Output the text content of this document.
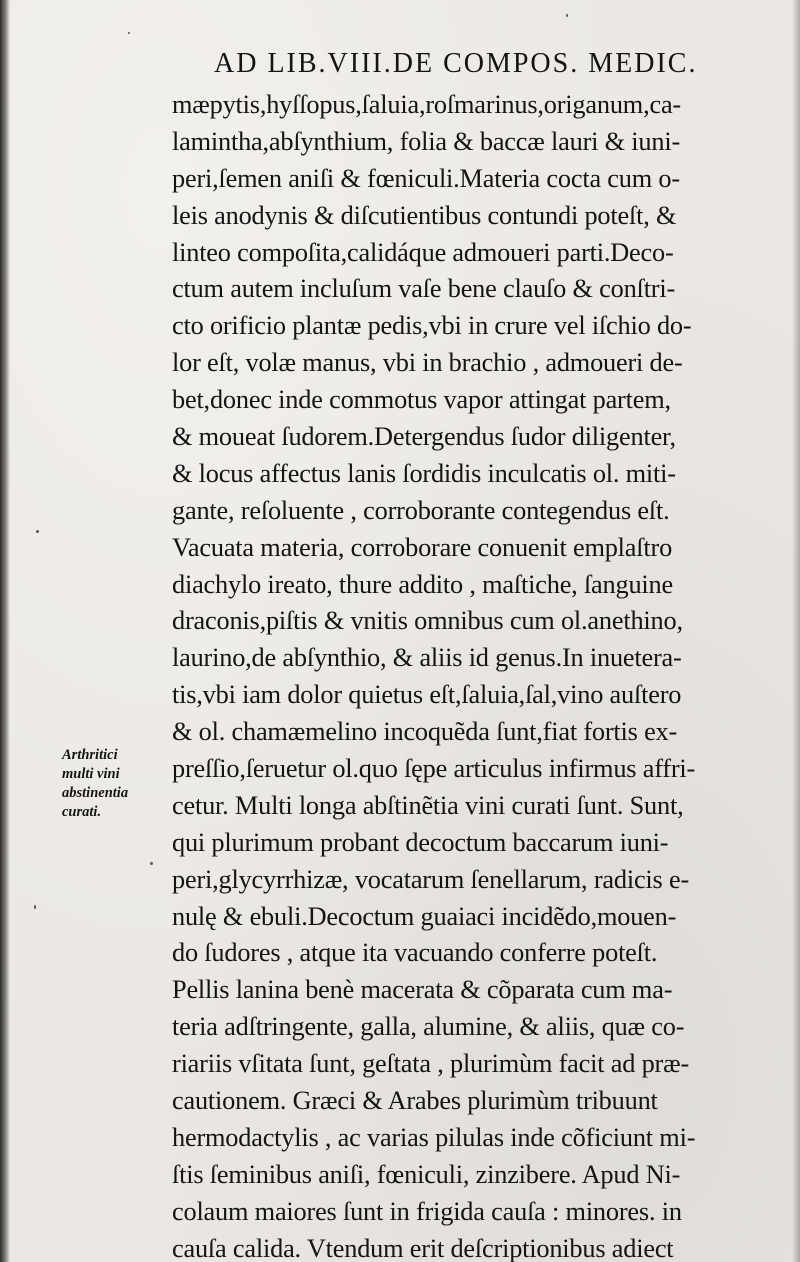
AD LIB.VIII.DE COMPOS. MEDIC.
Arthritici
multi vini
abstinentia
curati.
mæpytis,hyſſopus,ſaluia,roſmarinus,origanum,ca-
lamintha,abſynthium, folia & baccæ lauri & iuni-
peri,ſemen aniſi & fœniculi.Materia cocta cum o-
leis anodynis & diſcutientibus contundi poteſt, &
linteo compoſita,calidáque admoueri parti.Deco-
ctum autem incluſum vaſe bene clauſo & conſtri-
cto orificio plantæ pedis,vbi in crure vel iſchio do-
lor eſt, volæ manus, vbi in brachio , admoueri de-
bet,donec inde commotus vapor attingat partem,
& moueat ſudorem.Detergendus ſudor diligenter,
& locus affectus lanis ſordidis inculcatis ol. miti-
gante, reſoluente , corroborante contegendus eſt.
Vacuata materia, corroborare conuenit emplaſtro
diachylo ireato, thure addito , maſtiche, ſanguine
draconis,piſtis & vnitis omnibus cum ol.anethino,
laurino,de abſynthio, & aliis id genus.In inuetera-
tis,vbi iam dolor quietus eſt,ſaluia,ſal,vino auſtero
& ol. chamæmelino incoquẽda ſunt,fiat fortis ex-
preſſio,ſeruetur ol.quo ſępe articulus infirmus affri-
cetur. Multi longa abſtinẽtia vini curati ſunt. Sunt,
qui plurimum probant decoctum baccarum iuni-
peri,glycyrrhizæ, vocatarum ſenellarum, radicis e-
nulę & ebuli.Decoctum guaiaci incidẽdo,mouen-
do ſudores , atque ita vacuando conferre poteſt.
Pellis lanina benè macerata & cõparata cum ma-
teria adſtringente, galla, alumine, & aliis, quæ co-
riariis vſitata ſunt, geſtata , plurimùm facit ad præ-
cautionem. Græci & Arabes plurimùm tribuunt
hermodactylis , ac varias pilulas inde cõficiunt mi-
ſtis ſeminibus aniſi, fœniculi, zinzibere. Apud Ni-
colaum maiores ſunt in frigida cauſa : minores. in
cauſa calida. Vtendum erit deſcriptionibus adiect
